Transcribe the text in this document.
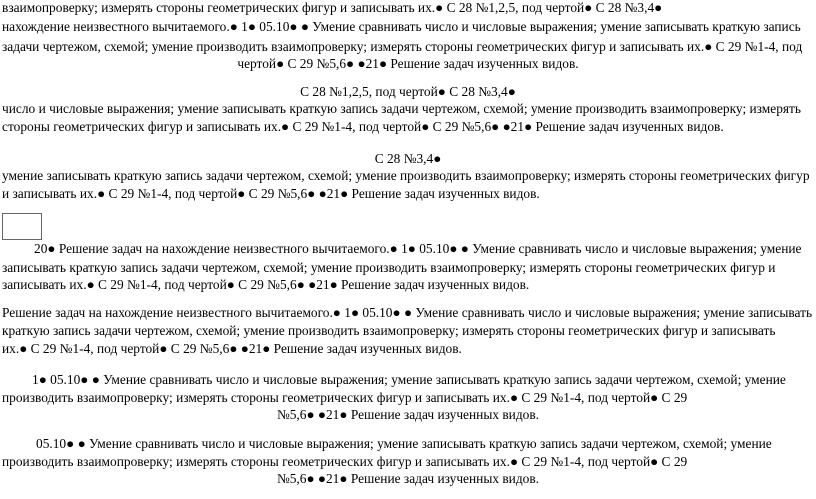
взаимопроверку; измерять стороны геометрических фигур и записывать их.● С 28 №1,2,5, под чертой● С 28 №3,4●
нахождение неизвестного вычитаемого.● 1● 05.10● ● Умение сравнивать число и числовые выражения; умение записывать краткую запись
задачи чертежом, схемой; умение производить взаимопроверку; измерять стороны геометрических фигур и записывать их.● С 29 №1-4, под
чертой● С 29 №5,6● ●21● Решение задач изученных видов.
С 28 №1,2,5, под чертой● С 28 №3,4●
число и числовые выражения; умение записывать краткую запись задачи чертежом, схемой; умение производить взаимопроверку; измерять
стороны геометрических фигур и записывать их.● С 29 №1-4, под чертой● С 29 №5,6● ●21● Решение задач изученных видов.
С 28 №3,4●
умение записывать краткую запись задачи чертежом, схемой; умение производить взаимопроверку; измерять стороны геометрических фигур
и записывать их.● С 29 №1-4, под чертой● С 29 №5,6● ●21● Решение задач изученных видов.
20● Решение задач на нахождение неизвестного вычитаемого.● 1● 05.10● ● Умение сравнивать число и числовые выражения; умение
записывать краткую запись задачи чертежом, схемой; умение производить взаимопроверку; измерять стороны геометрических фигур и
записывать их.● С 29 №1-4, под чертой● С 29 №5,6● ●21● Решение задач изученных видов.
Решение задач на нахождение неизвестного вычитаемого.● 1● 05.10● ● Умение сравнивать число и числовые выражения; умение записывать
краткую запись задачи чертежом, схемой; умение производить взаимопроверку; измерять стороны геометрических фигур и записывать
их.● С 29 №1-4, под чертой● С 29 №5,6● ●21● Решение задач изученных видов.
1● 05.10● ● Умение сравнивать число и числовые выражения; умение записывать краткую запись задачи чертежом, схемой; умение
производить взаимопроверку; измерять стороны геометрических фигур и записывать их.● С 29 №1-4, под чертой● С 29
№5,6● ●21● Решение задач изученных видов.
05.10● ● Умение сравнивать число и числовые выражения; умение записывать краткую запись задачи чертежом, схемой; умение
производить взаимопроверку; измерять стороны геометрических фигур и записывать их.● С 29 №1-4, под чертой● С 29
№5,6● ●21● Решение задач изученных видов.
